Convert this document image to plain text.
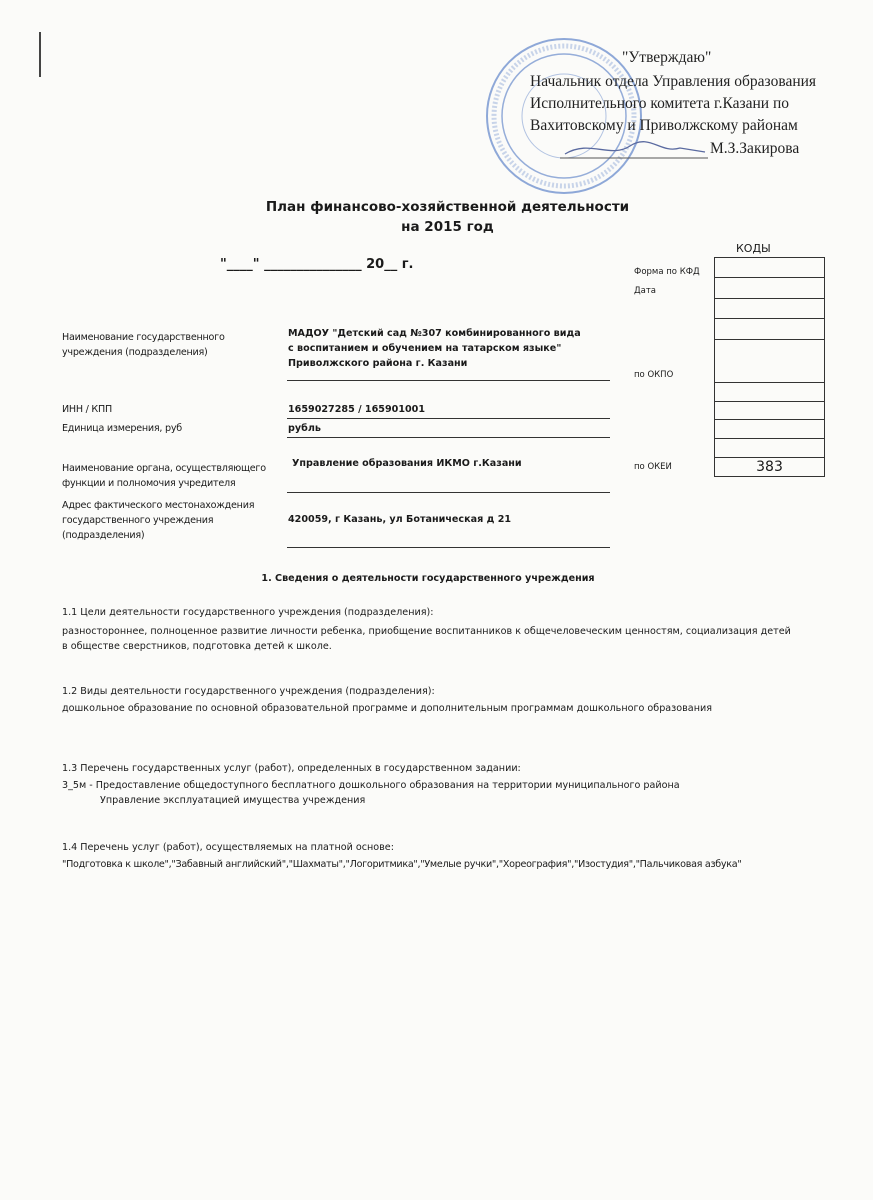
"Утверждаю"
Начальник отдела Управления образования
Исполнительного комитета г.Казани по
Вахитовскому и Приволжскому районам
М.З.Закирова
План финансово-хозяйственной деятельности
на 2015 год
"____" _______________ 20__ г.
КОДЫ
383
Форма по КФД
Дата
по ОКПО
по ОКЕИ
Наименование государственного
учреждения (подразделения)
МАДОУ "Детский сад №307 комбинированного вида
с воспитанием и обучением на татарском языке"
Приволжского района г. Казани
ИНН / КПП	1659027285 / 165901001
Единица измерения, руб	рубль
Наименование органа, осуществляющего
функции и полномочия учредителя
Управление образования ИКМО г.Казани
Адрес фактического местонахождения
государственного учреждения
(подразделения)
420059, г Казань, ул Ботаническая д 21
1. Сведения о деятельности государственного учреждения
1.1 Цели деятельности государственного учреждения (подразделения):
разностороннее, полноценное развитие личности ребенка, приобщение воспитанников к общечеловеческим ценностям, социализация детей
в обществе сверстников, подготовка детей к школе.
1.2 Виды деятельности государственного учреждения (подразделения):
дошкольное образование по основной образовательной программе и дополнительным программам дошкольного образования
1.3 Перечень государственных услуг (работ), определенных в государственном задании:
3_5м - Предоставление общедоступного бесплатного дошкольного образования на территории муниципального района
Управление эксплуатацией имущества учреждения
1.4 Перечень услуг (работ), осуществляемых на платной основе:
"Подготовка к школе","Забавный английский","Шахматы","Логоритмика","Умелые ручки","Хореография","Изостудия","Пальчиковая азбука"
